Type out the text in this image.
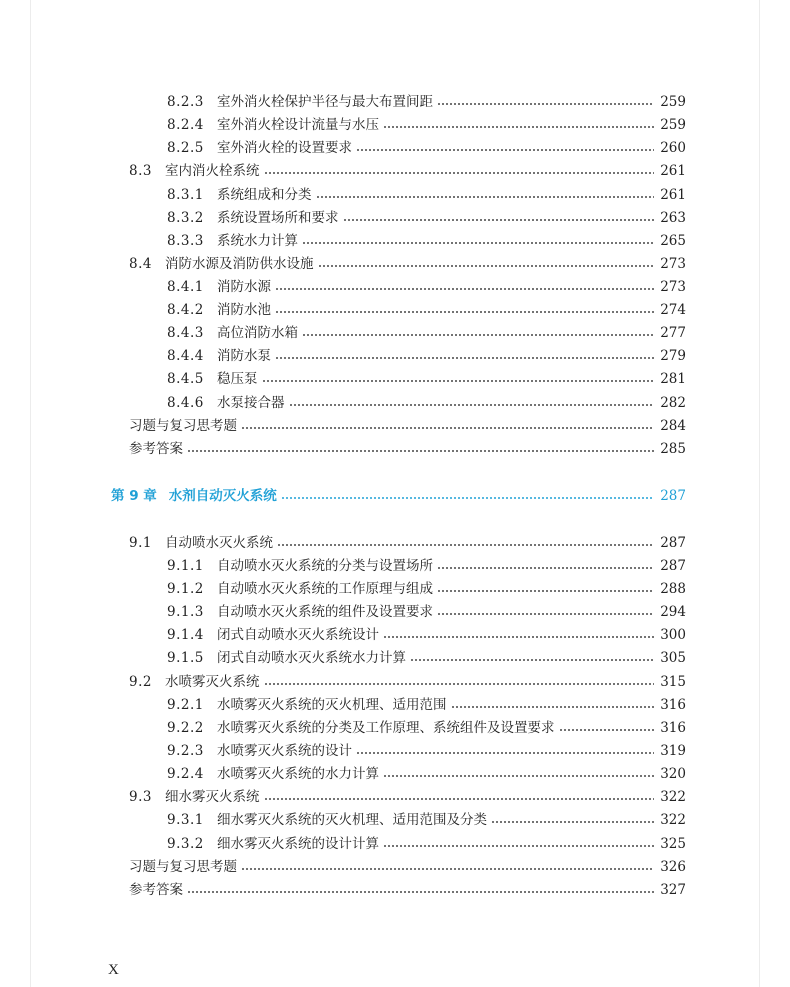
8.2.3 室外消火栓保护半径与最大布置间距	259
8.2.4 室外消火栓设计流量与水压	259
8.2.5 室外消火栓的设置要求	260
8.3 室内消火栓系统	261
8.3.1 系统组成和分类	261
8.3.2 系统设置场所和要求	263
8.3.3 系统水力计算	265
8.4 消防水源及消防供水设施	273
8.4.1 消防水源	273
8.4.2 消防水池	274
8.4.3 高位消防水箱	277
8.4.4 消防水泵	279
8.4.5 稳压泵	281
8.4.6 水泵接合器	282
习题与复习思考题	284
参考答案	285
第 9 章 水剂自动灭火系统	287
9.1 自动喷水灭火系统	287
9.1.1 自动喷水灭火系统的分类与设置场所	287
9.1.2 自动喷水灭火系统的工作原理与组成	288
9.1.3 自动喷水灭火系统的组件及设置要求	294
9.1.4 闭式自动喷水灭火系统设计	300
9.1.5 闭式自动喷水灭火系统水力计算	305
9.2 水喷雾灭火系统	315
9.2.1 水喷雾灭火系统的灭火机理、适用范围	316
9.2.2 水喷雾灭火系统的分类及工作原理、系统组件及设置要求	316
9.2.3 水喷雾灭火系统的设计	319
9.2.4 水喷雾灭火系统的水力计算	320
9.3 细水雾灭火系统	322
9.3.1 细水雾灭火系统的灭火机理、适用范围及分类	322
9.3.2 细水雾灭火系统的设计计算	325
习题与复习思考题	326
参考答案	327
X
